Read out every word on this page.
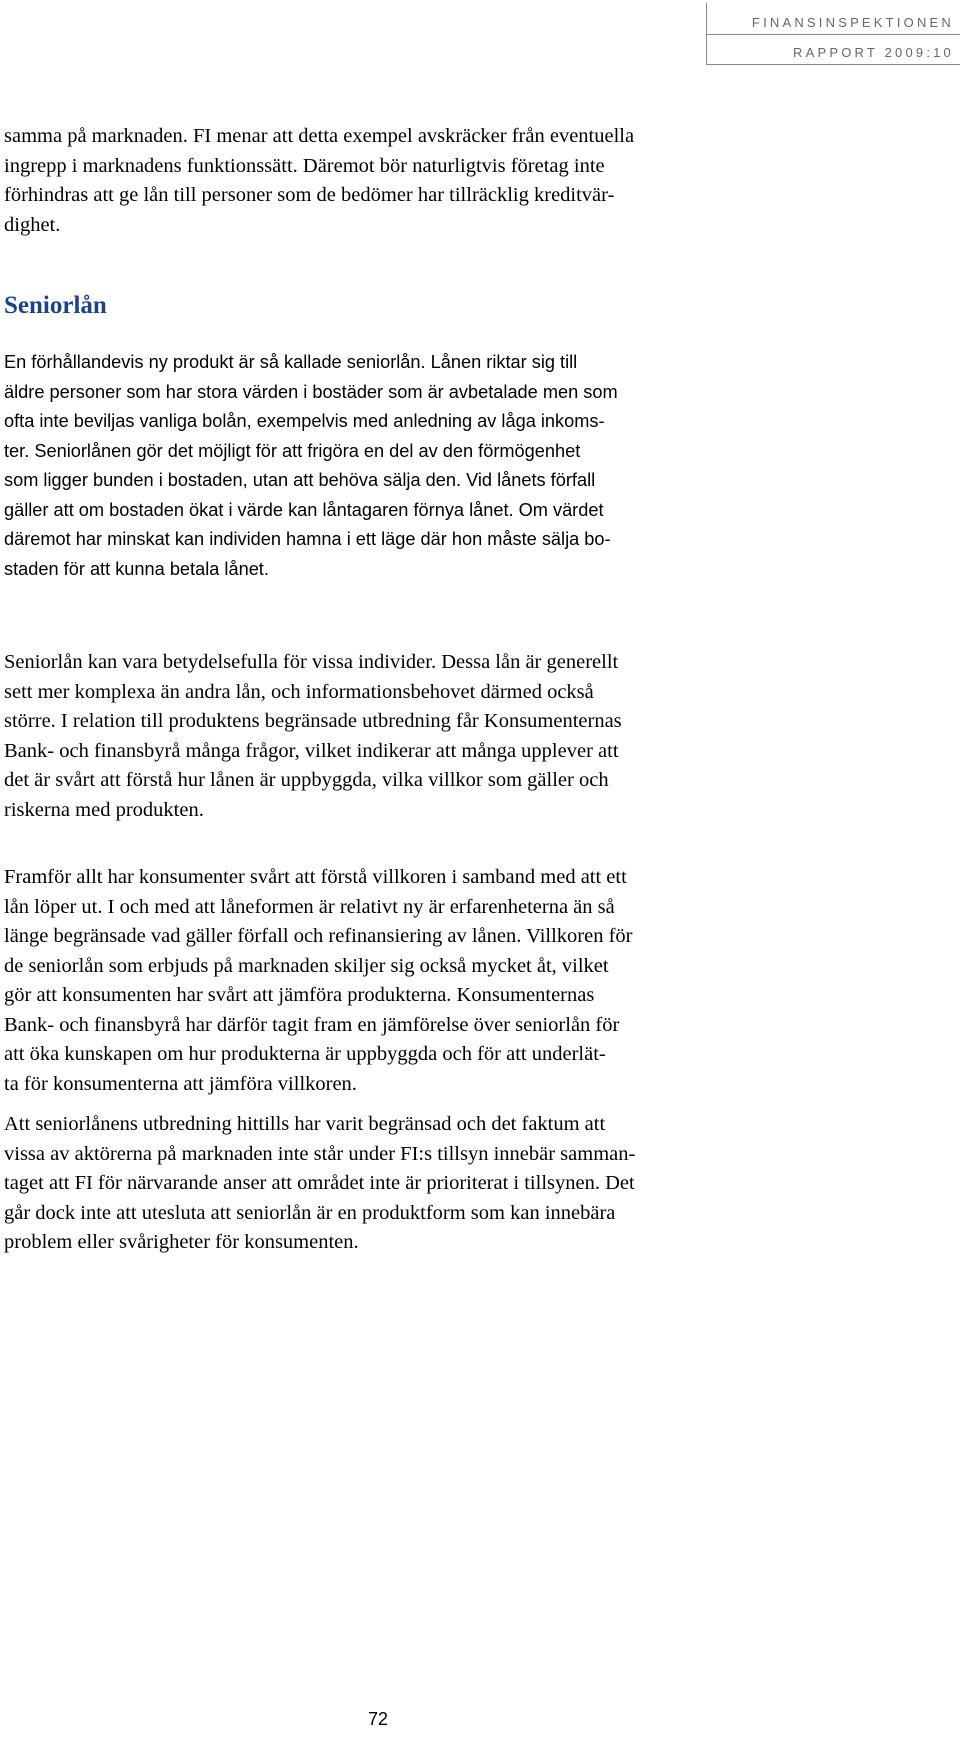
FINANSINSPEKTIONEN
RAPPORT 2009:10

samma på marknaden. FI menar att detta exempel avskräcker från eventuella
ingrepp i marknadens funktionssätt. Däremot bör naturligtvis företag inte
förhindras att ge lån till personer som de bedömer har tillräcklig kreditvär-
dighet.

Seniorlån

En förhållandevis ny produkt är så kallade seniorlån. Lånen riktar sig till
äldre personer som har stora värden i bostäder som är avbetalade men som
ofta inte beviljas vanliga bolån, exempelvis med anledning av låga inkoms-
ter. Seniorlånen gör det möjligt för att frigöra en del av den förmögenhet
som ligger bunden i bostaden, utan att behöva sälja den. Vid lånets förfall
gäller att om bostaden ökat i värde kan låntagaren förnya lånet. Om värdet
däremot har minskat kan individen hamna i ett läge där hon måste sälja bo-
staden för att kunna betala lånet.

Seniorlån kan vara betydelsefulla för vissa individer. Dessa lån är generellt
sett mer komplexa än andra lån, och informationsbehovet därmed också
större. I relation till produktens begränsade utbredning får Konsumenternas
Bank- och finansbyrå många frågor, vilket indikerar att många upplever att
det är svårt att förstå hur lånen är uppbyggda, vilka villkor som gäller och
riskerna med produkten.

Framför allt har konsumenter svårt att förstå villkoren i samband med att ett
lån löper ut. I och med att låneformen är relativt ny är erfarenheterna än så
länge begränsade vad gäller förfall och refinansiering av lånen. Villkoren för
de seniorlån som erbjuds på marknaden skiljer sig också mycket åt, vilket
gör att konsumenten har svårt att jämföra produkterna. Konsumenternas
Bank- och finansbyrå har därför tagit fram en jämförelse över seniorlån för
att öka kunskapen om hur produkterna är uppbyggda och för att underlät-
ta för konsumenterna att jämföra villkoren.

Att seniorlånens utbredning hittills har varit begränsad och det faktum att
vissa av aktörerna på marknaden inte står under FI:s tillsyn innebär samman-
taget att FI för närvarande anser att området inte är prioriterat i tillsynen. Det
går dock inte att utesluta att seniorlån är en produktform som kan innebära
problem eller svårigheter för konsumenten.

72
